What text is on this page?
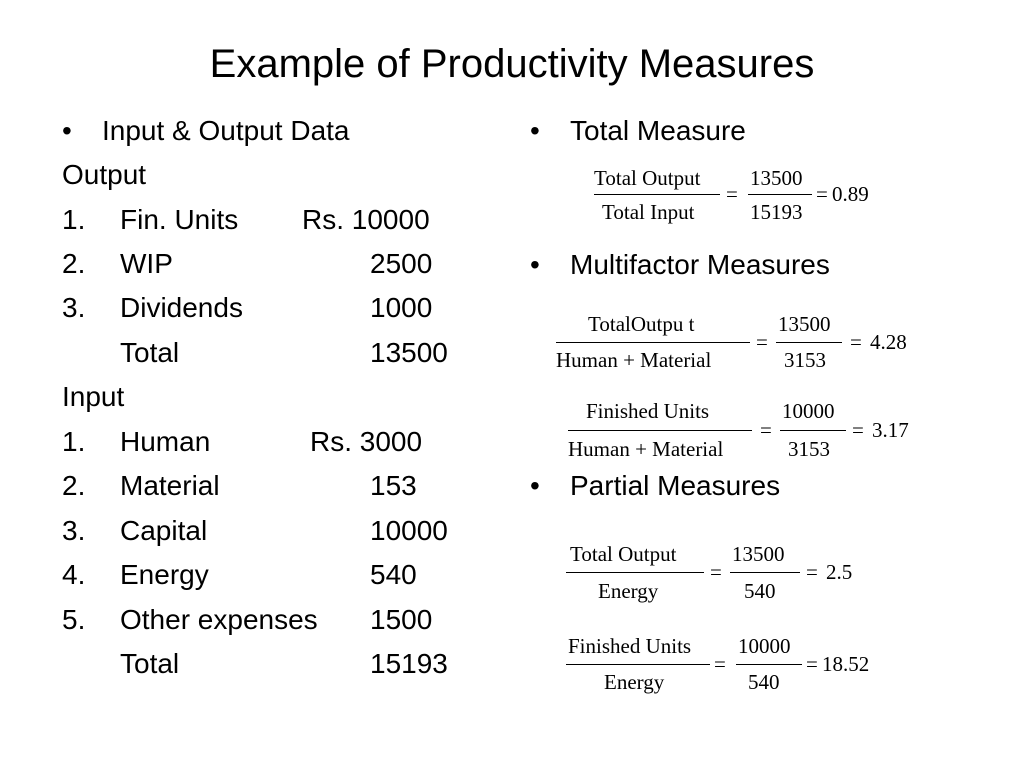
Example of Productivity Measures
• Input & Output Data
Output
1. Fin. Units Rs. 10000
2. WIP	2500
3. Dividends	1000
Total	13500
Input
1. Human	Rs. 3000
2. Material	153
3. Capital	10000
4. Energy	540
5. Other expenses 1500
Total	15193
• Total Measure
Total Output
Total Input
=
13500
15193
= 0.89
• Multifactor Measures
TotalOutpu t
Human + Material
=
13500
3153
= 4.28
Finished Units
Human + Material
=
10000
3153
= 3.17
• Partial Measures
Total Output
Energy
=
13500
540
= 2.5
Finished Units
Energy
=
10000
540
= 18.52
